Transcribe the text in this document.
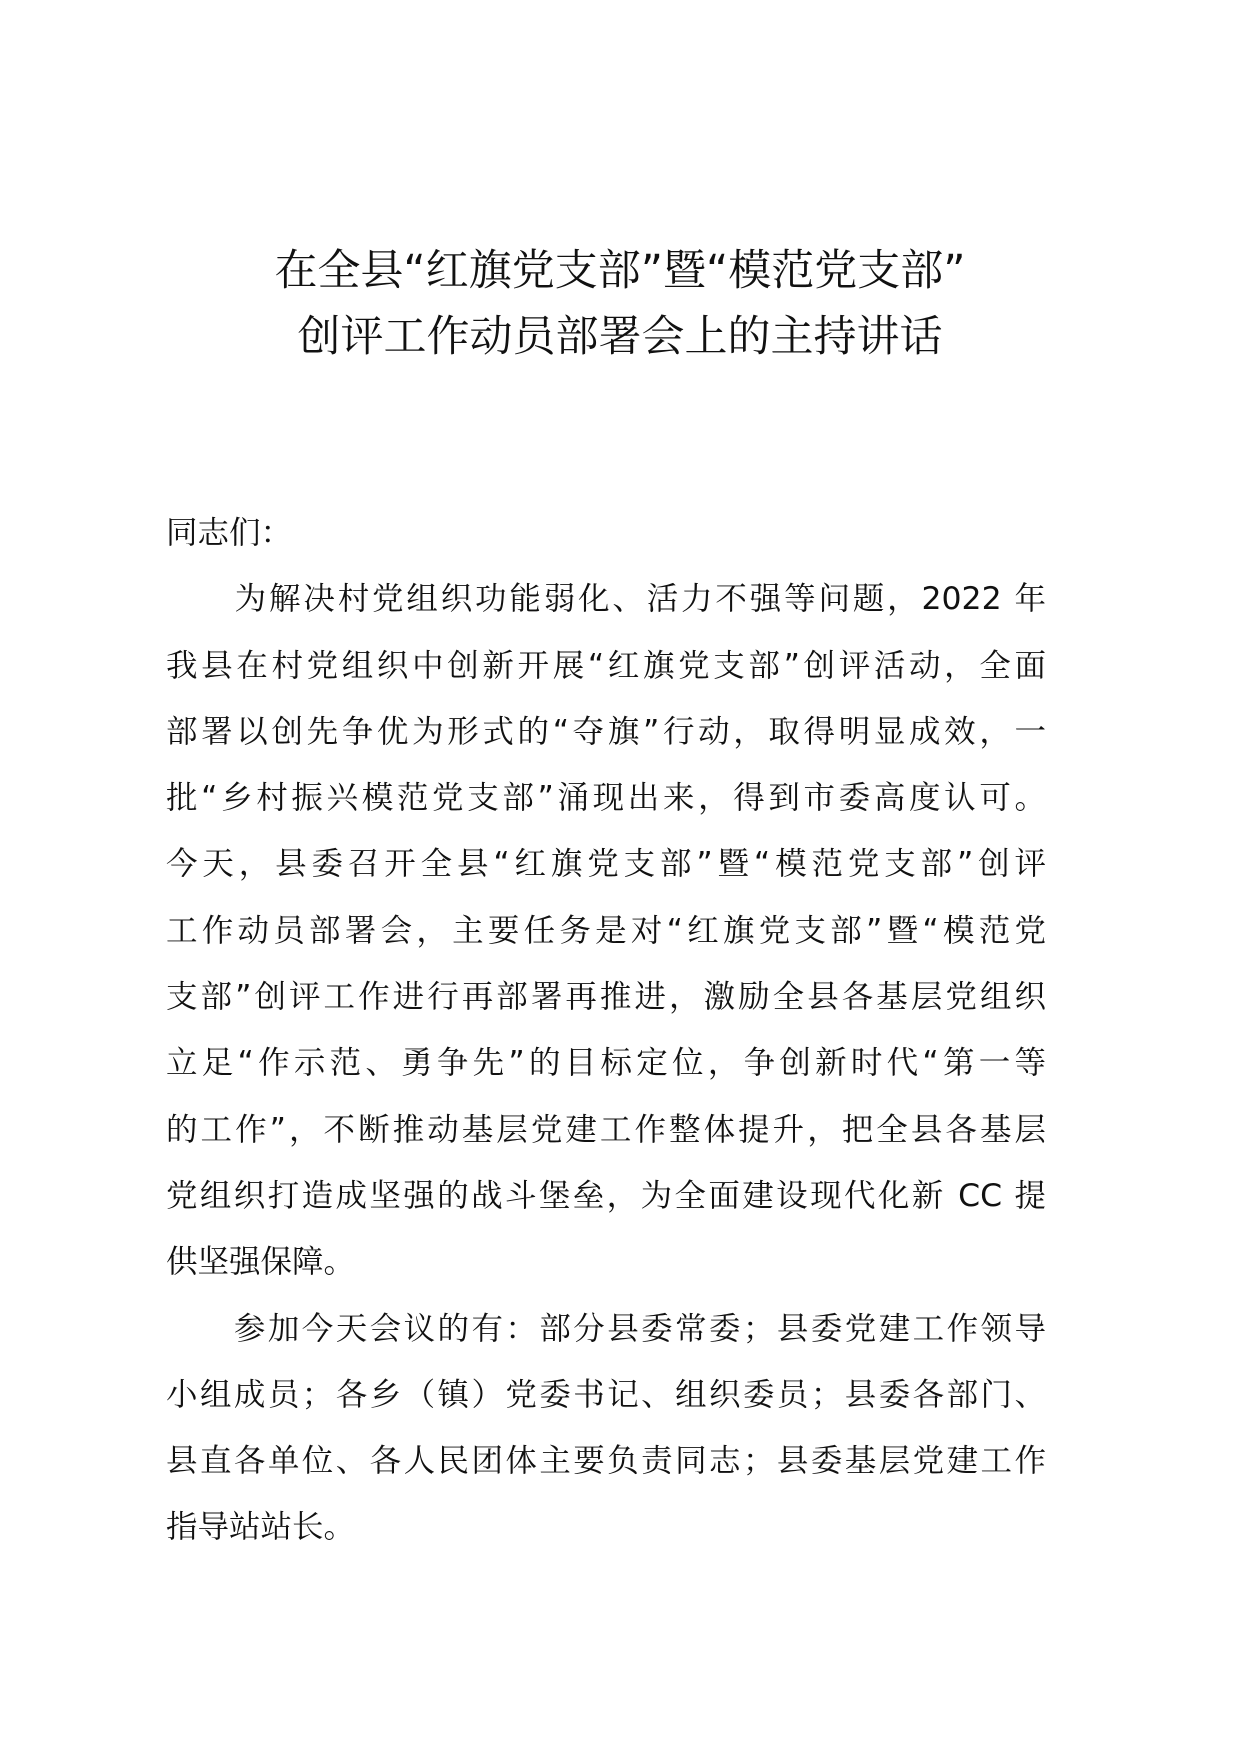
在全县“红旗党支部”暨“模范党支部”
创评工作动员部署会上的主持讲话

同志们：

　　为解决村党组织功能弱化、活力不强等问题，2022 年
我县在村党组织中创新开展“红旗党支部”创评活动，全面
部署以创先争优为形式的“夺旗”行动，取得明显成效，一
批“乡村振兴模范党支部”涌现出来，得到市委高度认可。
今天，县委召开全县“红旗党支部”暨“模范党支部”创评
工作动员部署会，主要任务是对“红旗党支部”暨“模范党
支部”创评工作进行再部署再推进，激励全县各基层党组织
立足“作示范、勇争先”的目标定位，争创新时代“第一等
的工作”，不断推动基层党建工作整体提升，把全县各基层
党组织打造成坚强的战斗堡垒，为全面建设现代化新 CC 提
供坚强保障。

　　参加今天会议的有：部分县委常委；县委党建工作领导
小组成员；各乡（镇）党委书记、组织委员；县委各部门、
县直各单位、各人民团体主要负责同志；县委基层党建工作
指导站站长。
